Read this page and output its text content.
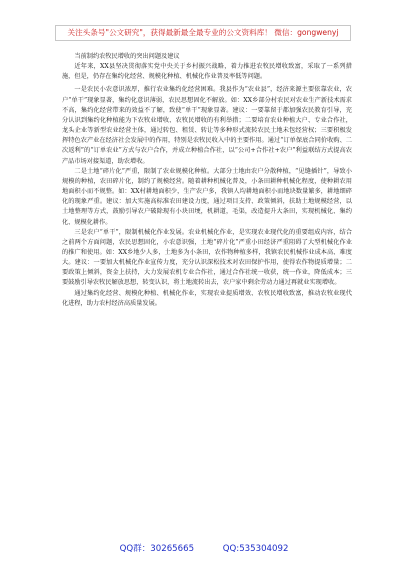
关注头条号"公文研究"，获得最新最全最专业的公文资料库！ 微信：gongwenyj

当前制约农牧民增收的突出问题及建议

近年来，XX县坚决贯彻落实党中央关于乡村振兴战略，着力推进农牧民增收致富，采取了一系列措施，但是，仍存在集约化经营、规模化种植、机械化作业普及率低等问题。

一是农民小农意识浓厚，推行农业集约化经营困难。我县作为“农业县”，经济来源主要依靠农业，农户“单干”现象显著，集约化意识薄弱，农民思想固化不解放。如：XX乡部分村农民对农业生产新技术需求不高，集约化经营带来的效益不了解，致使“单干”现象显著。建议：一要靠留于都加强农民教育引导，充分认识到集约化种植能为下农牧业增收、农牧民增收的有利举措；二要培育农业种植大户、专业合作社，龙头企业等新型农业经营主体，通过转包、租赁、转让等多种形式流转农民土地未包经营权；三要积极发挥特色农产业在经济社会发展中的作用，特别是农牧民收入中的主要作用。通过“订单保底合同价收购、二次返利”的“订单农业”方式与农户合作，并成立种植合作社，以“公司+合作社+农户”利益联结方式提高农产品市场对接渠道，助农增收。

二是土地“碎片化”严重，限制了农业规模化种植。大部分土地由农户分散种植，“见缝插针”，导致小规模的种植，农田碎片化，制约了规模经营。随着耕种机械化普及，小条田耕种机械化程度，使种耕农用地面积小而不规整。如：XX村耕地面积少，生产农户多，我镇人均耕地面积小而地块数量繁多，耕地细碎化的现象严重。建议：加大实施高标准农田建设力度，通过项目支持、政策倾斜，扶助土地规模经营，以土地整理等方式，鼓励引导农户破除现有小块田埂，机耕道，毛渠，改造提升大条田，实现机械化、集约化、规模化耕作。

三是农户“单干”，限制机械化作业发展。农业机械化作业，是实现农业现代化的重要组成内容，结合之前两个方面问题，农民思想固化，小农意识强，土地“碎片化”严重小田经济严重阻碍了大型机械化作业的推广和使用。如：XX乡地少人多，土地多为小条田，农作物种植多样，我镇农民机械作业成本高、难度大。建议：一要加大机械化作业宣传力度，充分认识深松技术对农田保护作用，使得农作物提质增量；二要政策上倾斜，资金上扶持，大力发展农机专业合作社，通过合作社统一收获，统一作业，降低成本；三要鼓励引导农牧民解放思想，转变认识，将土地流转出去，农户家中剩余劳动力通过再就业实现增收。

通过集约化经营、规模化种植、机械化作业，实现农业提质增效、农牧民增收致富，推动农牧业现代化进程，助力农村经济高质量发展。

QQ群：30265665	QQ:535304092
